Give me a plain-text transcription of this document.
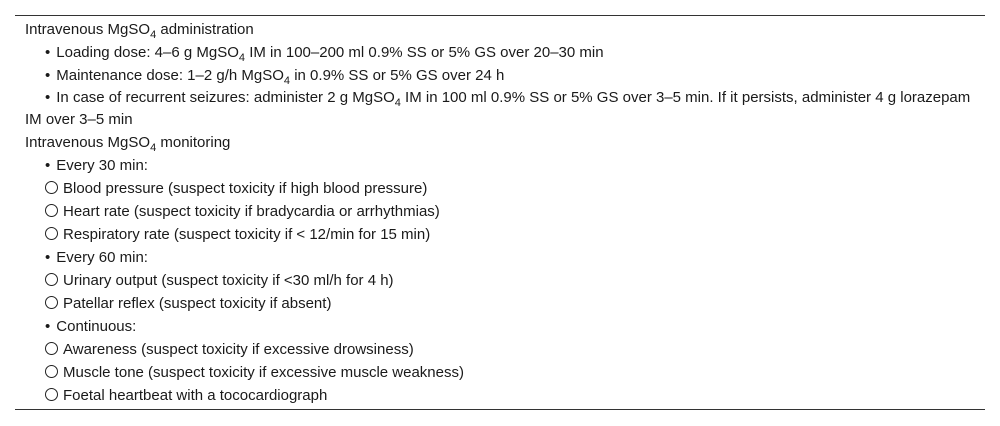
Intravenous MgSO$_4$ administration
• Loading dose: 4–6 g MgSO$_4$ IM in 100–200 ml 0.9% SS or 5% GS over 20–30 min
• Maintenance dose: 1–2 g/h MgSO$_4$ in 0.9% SS or 5% GS over 24 h
• In case of recurrent seizures: administer 2 g MgSO$_4$ IM in 100 ml 0.9% SS or 5% GS over 3–5 min. If it persists, administer 4 g lorazepam IM over 3–5 min
Intravenous MgSO$_4$ monitoring
• Every 30 min:
Blood pressure (suspect toxicity if high blood pressure)
Heart rate (suspect toxicity if bradycardia or arrhythmias)
Respiratory rate (suspect toxicity if < 12/min for 15 min)
• Every 60 min:
Urinary output (suspect toxicity if <30 ml/h for 4 h)
Patellar reflex (suspect toxicity if absent)
• Continuous:
Awareness (suspect toxicity if excessive drowsiness)
Muscle tone (suspect toxicity if excessive muscle weakness)
Foetal heartbeat with a tococardiograph
